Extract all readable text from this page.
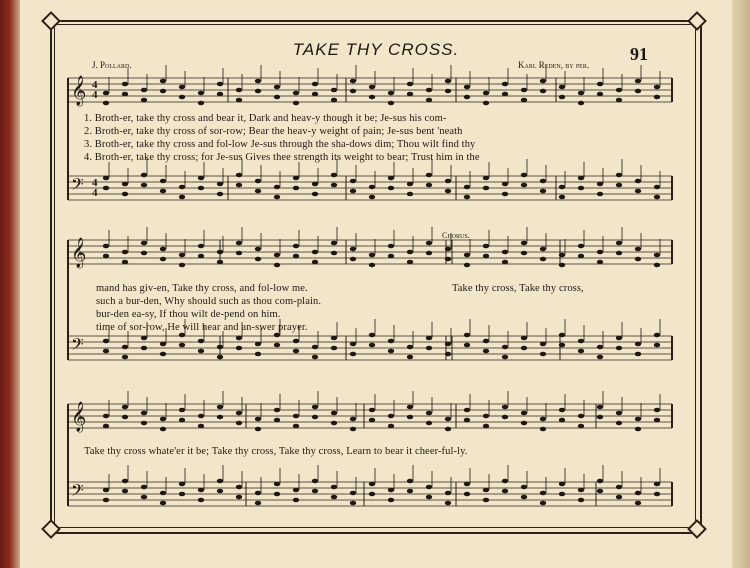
𝄞
𝄢
𝄞
𝄢
𝄞
𝄢
4
4
4
4
TAKE THY CROSS.	91
J. Pollard.	Karl Reden, by per.
1. Broth-er, take thy cross and bear it, Dark and heav-y though it be; Je-sus his com-
2. Broth-er, take thy cross of sor-row; Bear the heav-y weight of pain; Je-sus bent 'neath
3. Broth-er, take thy cross and fol-low Je-sus through the sha-dows dim; Thou wilt find thy
4. Broth-er, take thy cross; for Je-sus Gives thee strength its weight to bear; Trust him in the
Chorus.
mand has giv-en, Take thy cross, and fol-low me.	Take thy cross, Take thy cross,
such a bur-den, Why should such as thou com-plain.
bur-den ea-sy, If thou wilt de-pend on him.
time of sor-row, He will hear and an-swer prayer.
Take thy cross whate'er it be; Take thy cross, Take thy cross, Learn to bear it cheer-ful-ly.
